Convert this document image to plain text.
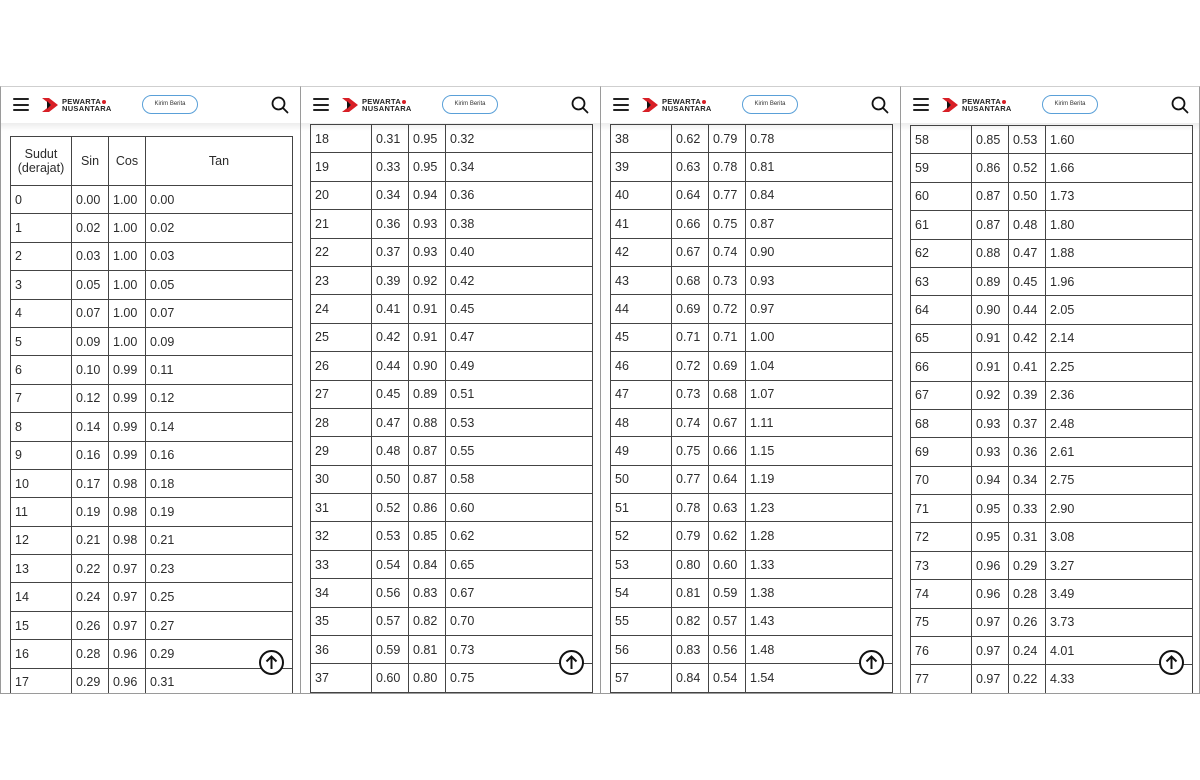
PEWARTA
NUSANTARA	Kirim Berita
Sudut
(derajat)	Sin	Cos	Tan
0	0.00	1.00	0.00
1	0.02	1.00	0.02
2	0.03	1.00	0.03
3	0.05	1.00	0.05
4	0.07	1.00	0.07
5	0.09	1.00	0.09
6	0.10	0.99	0.11
7	0.12	0.99	0.12
8	0.14	0.99	0.14
9	0.16	0.99	0.16
10	0.17	0.98	0.18
11	0.19	0.98	0.19
12	0.21	0.98	0.21
13	0.22	0.97	0.23
14	0.24	0.97	0.25
15	0.26	0.97	0.27
16	0.28	0.96	0.29
17	0.29	0.96	0.31
PEWARTA
NUSANTARA	Kirim Berita
18	0.31	0.95	0.32
19	0.33	0.95	0.34
20	0.34	0.94	0.36
21	0.36	0.93	0.38
22	0.37	0.93	0.40
23	0.39	0.92	0.42
24	0.41	0.91	0.45
25	0.42	0.91	0.47
26	0.44	0.90	0.49
27	0.45	0.89	0.51
28	0.47	0.88	0.53
29	0.48	0.87	0.55
30	0.50	0.87	0.58
31	0.52	0.86	0.60
32	0.53	0.85	0.62
33	0.54	0.84	0.65
34	0.56	0.83	0.67
35	0.57	0.82	0.70
36	0.59	0.81	0.73
37	0.60	0.80	0.75
PEWARTA
NUSANTARA	Kirim Berita
38	0.62	0.79	0.78
39	0.63	0.78	0.81
40	0.64	0.77	0.84
41	0.66	0.75	0.87
42	0.67	0.74	0.90
43	0.68	0.73	0.93
44	0.69	0.72	0.97
45	0.71	0.71	1.00
46	0.72	0.69	1.04
47	0.73	0.68	1.07
48	0.74	0.67	1.11
49	0.75	0.66	1.15
50	0.77	0.64	1.19
51	0.78	0.63	1.23
52	0.79	0.62	1.28
53	0.80	0.60	1.33
54	0.81	0.59	1.38
55	0.82	0.57	1.43
56	0.83	0.56	1.48
57	0.84	0.54	1.54
PEWARTA
NUSANTARA	Kirim Berita
58	0.85	0.53	1.60
59	0.86	0.52	1.66
60	0.87	0.50	1.73
61	0.87	0.48	1.80
62	0.88	0.47	1.88
63	0.89	0.45	1.96
64	0.90	0.44	2.05
65	0.91	0.42	2.14
66	0.91	0.41	2.25
67	0.92	0.39	2.36
68	0.93	0.37	2.48
69	0.93	0.36	2.61
70	0.94	0.34	2.75
71	0.95	0.33	2.90
72	0.95	0.31	3.08
73	0.96	0.29	3.27
74	0.96	0.28	3.49
75	0.97	0.26	3.73
76	0.97	0.24	4.01
77	0.97	0.22	4.33
